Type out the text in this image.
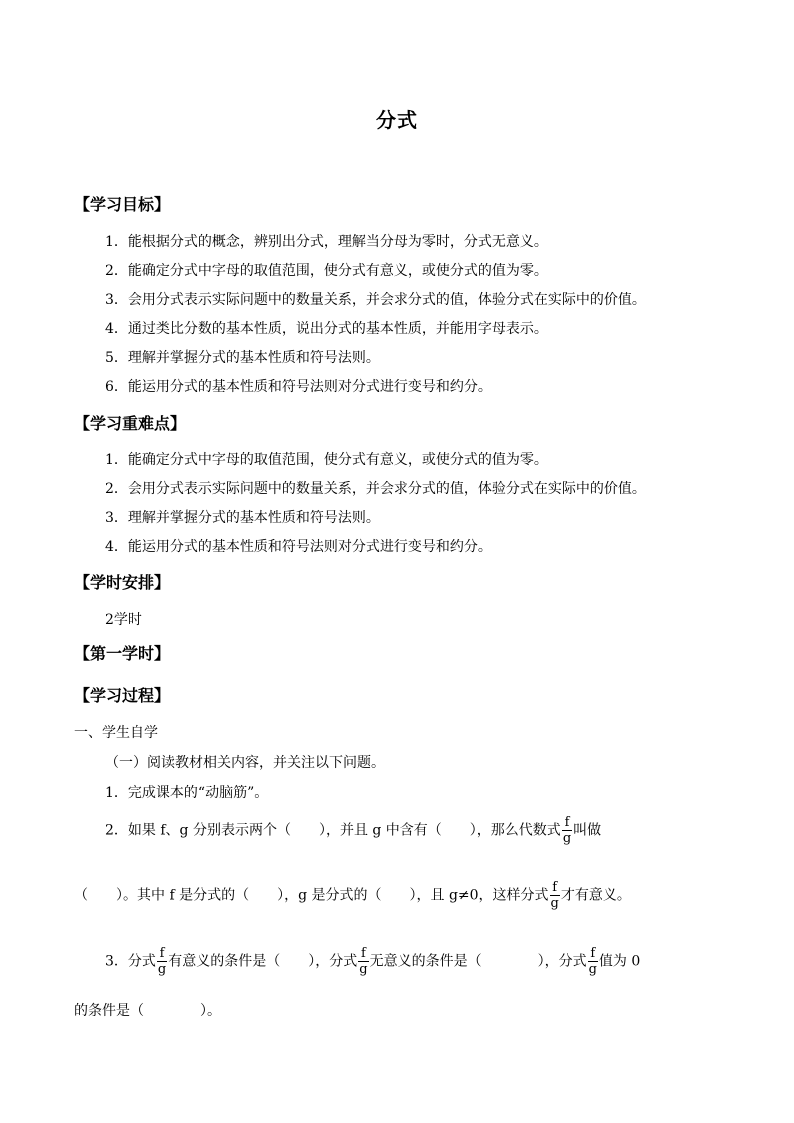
分式
【学习目标】
1．能根据分式的概念，辨别出分式，理解当分母为零时，分式无意义。
2．能确定分式中字母的取值范围，使分式有意义，或使分式的值为零。
3．会用分式表示实际问题中的数量关系，并会求分式的值，体验分式在实际中的价值。
4．通过类比分数的基本性质，说出分式的基本性质，并能用字母表示。
5．理解并掌握分式的基本性质和符号法则。
6．能运用分式的基本性质和符号法则对分式进行变号和约分。
【学习重难点】
1．能确定分式中字母的取值范围，使分式有意义，或使分式的值为零。
2．会用分式表示实际问题中的数量关系，并会求分式的值，体验分式在实际中的价值。
3．理解并掌握分式的基本性质和符号法则。
4．能运用分式的基本性质和符号法则对分式进行变号和约分。
【学时安排】
2学时
【第一学时】
【学习过程】
一、学生自学
（一）阅读教材相关内容，并关注以下问题。
1．完成课本的“动脑筋”。
2．如果 f、g 分别表示两个（　　），并且 g 中含有（　　），那么代数式 $\frac{f}{g}$ 叫做
（　　）。其中 f 是分式的（　　），g 是分式的（　　），且 g≠0，这样分式 $\frac{f}{g}$ 才有意义。
3．分式 $\frac{f}{g}$ 有意义的条件是（　　），分式 $\frac{f}{g}$ 无意义的条件是（　　　　），分式 $\frac{f}{g}$ 值为 0
的条件是（　　　　）。
